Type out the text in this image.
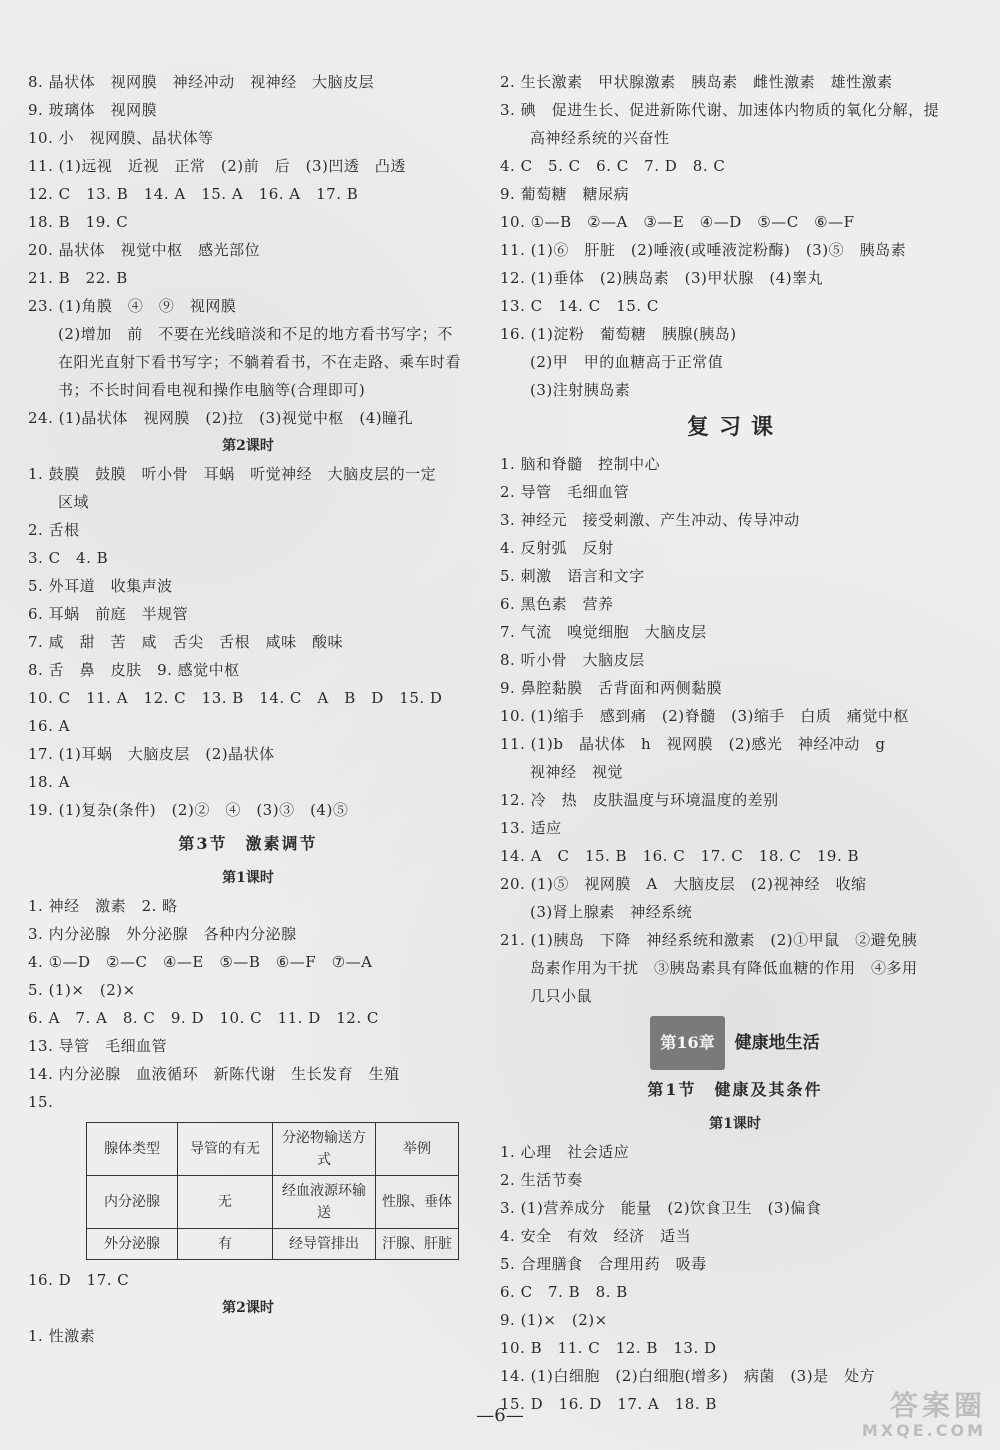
8. 晶状体　视网膜　神经冲动　视神经　大脑皮层
9. 玻璃体　视网膜
10. 小　视网膜、晶状体等
11. (1)远视　近视　正常　(2)前　后　(3)凹透　凸透
12. C　13. B　14. A　15. A　16. A　17. B
18. B　19. C
20. 晶状体　视觉中枢　感光部位
21. B　22. B
23. (1)角膜　④　⑨　视网膜
(2)增加　前　不要在光线暗淡和不足的地方看书写字；不在阳光直射下看书写字；不躺着看书，不在走路、乘车时看书；不长时间看电视和操作电脑等(合理即可)
24. (1)晶状体　视网膜　(2)拉　(3)视觉中枢　(4)瞳孔
第2课时
1. 鼓膜　鼓膜　听小骨　耳蜗　听觉神经　大脑皮层的一定
区域
2. 舌根
3. C　4. B
5. 外耳道　收集声波
6. 耳蜗　前庭　半规管
7. 咸　甜　苦　咸　舌尖　舌根　咸味　酸味
8. 舌　鼻　皮肤　9. 感觉中枢
10. C　11. A　12. C　13. B　14. C　A　B　D　15. D
16. A
17. (1)耳蜗　大脑皮层　(2)晶状体
18. A
19. (1)复杂(条件)　(2)②　④　(3)③　(4)⑤
第3节　激素调节
第1课时
1. 神经　激素　2. 略
3. 内分泌腺　外分泌腺　各种内分泌腺
4. ①—D　②—C　④—E　⑤—B　⑥—F　⑦—A
5. (1)×　(2)×
6. A　7. A　8. C　9. D　10. C　11. D　12. C
13. 导管　毛细血管
14. 内分泌腺　血液循环　新陈代谢　生长发育　生殖
15.
腺体类型	导管的有无	分泌物输送方式	举例
内分泌腺	无	经血液源环输送	性腺、垂体
外分泌腺	有	经导管排出	汗腺、肝脏
16. D　17. C
第2课时
1. 性激素
2. 生长激素　甲状腺激素　胰岛素　雌性激素　雄性激素
3. 碘　促进生长、促进新陈代谢、加速体内物质的氧化分解，提
高神经系统的兴奋性
4. C　5. C　6. C　7. D　8. C
9. 葡萄糖　糖尿病
10. ①—B　②—A　③—E　④—D　⑤—C　⑥—F
11. (1)⑥　肝脏　(2)唾液(或唾液淀粉酶)　(3)⑤　胰岛素
12. (1)垂体　(2)胰岛素　(3)甲状腺　(4)睾丸
13. C　14. C　15. C
16. (1)淀粉　葡萄糖　胰腺(胰岛)
(2)甲　甲的血糖高于正常值
(3)注射胰岛素
复习课
1. 脑和脊髓　控制中心
2. 导管　毛细血管
3. 神经元　接受刺激、产生冲动、传导冲动
4. 反射弧　反射
5. 刺激　语言和文字
6. 黑色素　营养
7. 气流　嗅觉细胞　大脑皮层
8. 听小骨　大脑皮层
9. 鼻腔黏膜　舌背面和两侧黏膜
10. (1)缩手　感到痛　(2)脊髓　(3)缩手　白质　痛觉中枢
11. (1)b　晶状体　h　视网膜　(2)感光　神经冲动　g
视神经　视觉
12. 冷　热　皮肤温度与环境温度的差别
13. 适应
14. A　C　15. B　16. C　17. C　18. C　19. B
20. (1)⑤　视网膜　A　大脑皮层　(2)视神经　收缩
(3)肾上腺素　神经系统
21. (1)胰岛　下降　神经系统和激素　(2)①甲鼠　②避免胰
岛素作用为干扰　③胰岛素具有降低血糖的作用　④多用
几只小鼠
第16章 健康地生活
第1节　健康及其条件
第1课时
1. 心理　社会适应
2. 生活节奏
3. (1)营养成分　能量　(2)饮食卫生　(3)偏食
4. 安全　有效　经济　适当
5. 合理膳食　合理用药　吸毒
6. C　7. B　8. B
9. (1)×　(2)×
10. B　11. C　12. B　13. D
14. (1)白细胞　(2)白细胞(增多)　病菌　(3)是　处方
15. D　16. D　17. A　18. B
—6—	答案圈
MXQE.COM
